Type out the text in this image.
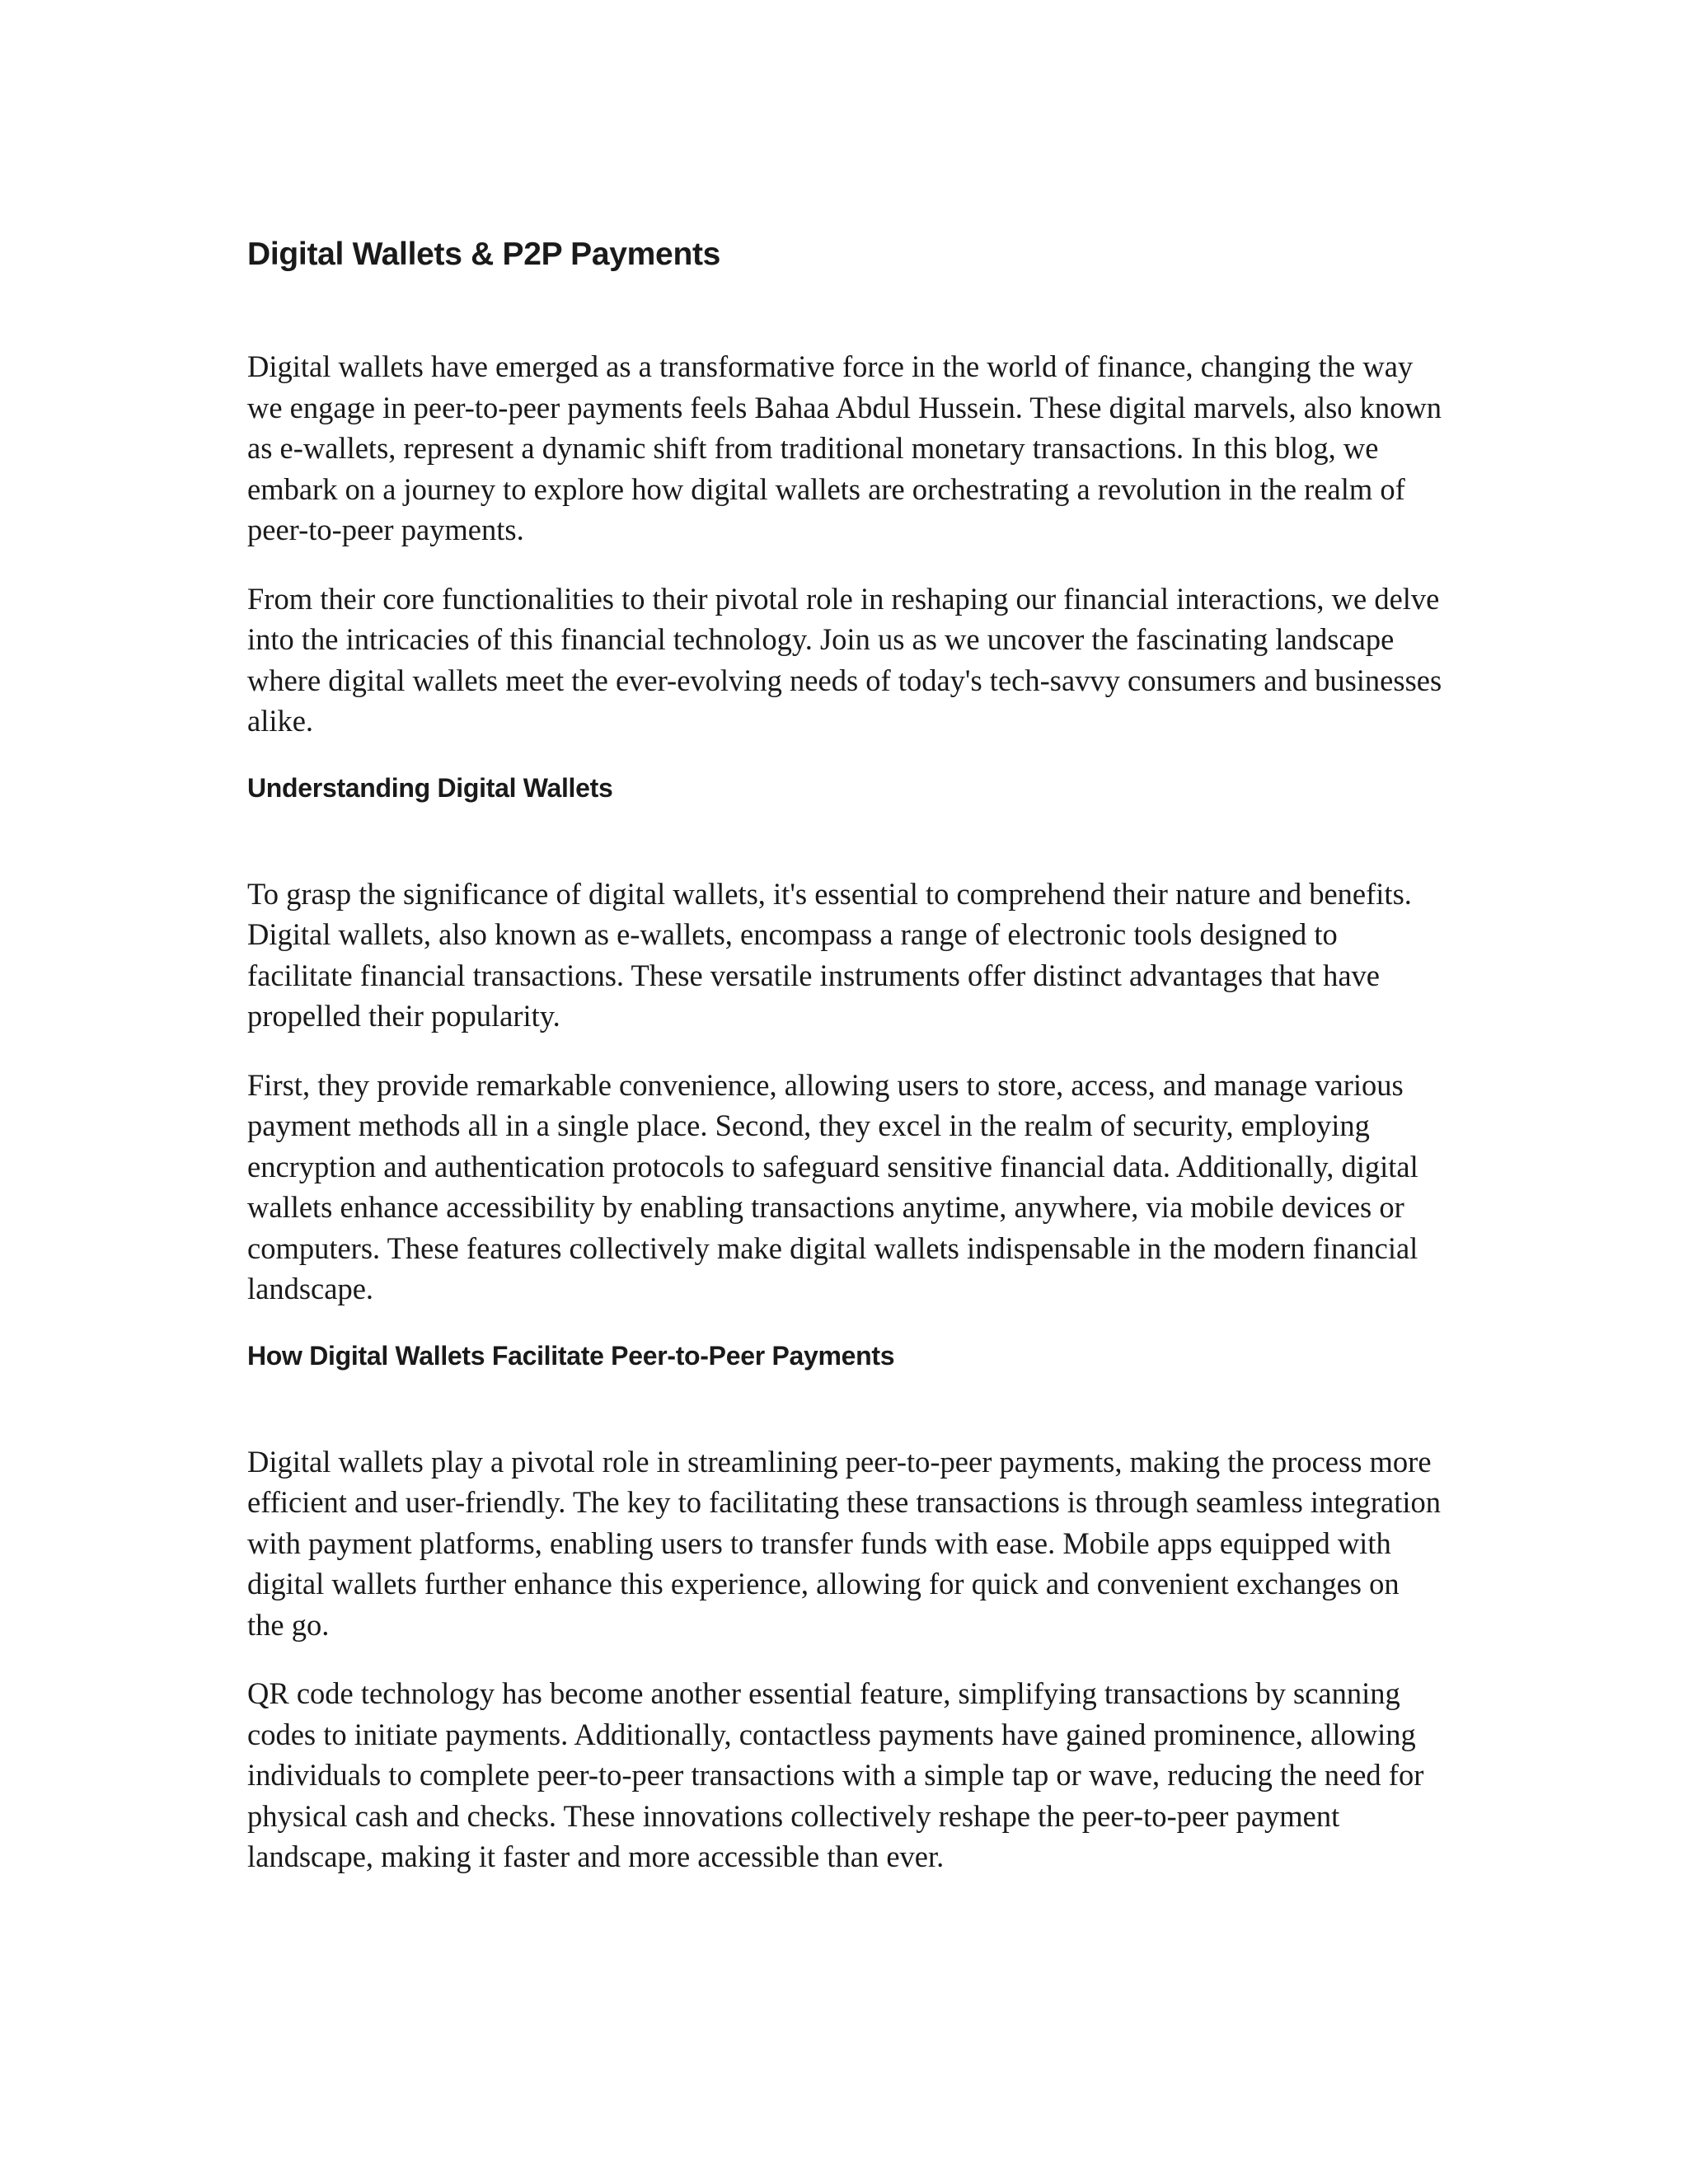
Digital Wallets & P2P Payments

Digital wallets have emerged as a transformative force in the world of finance, changing the way we engage in peer-to-peer payments feels Bahaa Abdul Hussein. These digital marvels, also known as e-wallets, represent a dynamic shift from traditional monetary transactions. In this blog, we embark on a journey to explore how digital wallets are orchestrating a revolution in the realm of peer-to-peer payments.

From their core functionalities to their pivotal role in reshaping our financial interactions, we delve into the intricacies of this financial technology. Join us as we uncover the fascinating landscape where digital wallets meet the ever-evolving needs of today's tech-savvy consumers and businesses alike.

Understanding Digital Wallets

To grasp the significance of digital wallets, it's essential to comprehend their nature and benefits. Digital wallets, also known as e-wallets, encompass a range of electronic tools designed to facilitate financial transactions. These versatile instruments offer distinct advantages that have propelled their popularity.

First, they provide remarkable convenience, allowing users to store, access, and manage various payment methods all in a single place. Second, they excel in the realm of security, employing encryption and authentication protocols to safeguard sensitive financial data. Additionally, digital wallets enhance accessibility by enabling transactions anytime, anywhere, via mobile devices or computers. These features collectively make digital wallets indispensable in the modern financial landscape.

How Digital Wallets Facilitate Peer-to-Peer Payments

Digital wallets play a pivotal role in streamlining peer-to-peer payments, making the process more efficient and user-friendly. The key to facilitating these transactions is through seamless integration with payment platforms, enabling users to transfer funds with ease. Mobile apps equipped with digital wallets further enhance this experience, allowing for quick and convenient exchanges on the go.

QR code technology has become another essential feature, simplifying transactions by scanning codes to initiate payments. Additionally, contactless payments have gained prominence, allowing individuals to complete peer-to-peer transactions with a simple tap or wave, reducing the need for physical cash and checks. These innovations collectively reshape the peer-to-peer payment landscape, making it faster and more accessible than ever.
